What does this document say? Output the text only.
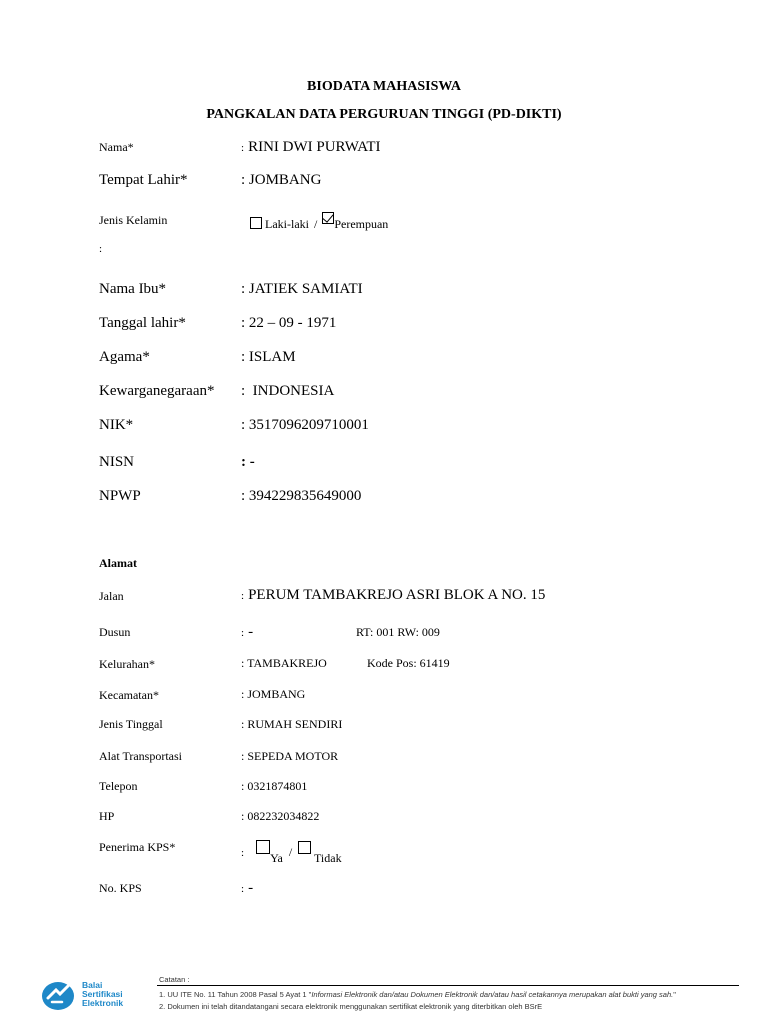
BIODATA MAHASISWA
PANGKALAN DATA PERGURUAN TINGGI (PD-DIKTI)
Nama*	: RINI DWI PURWATI
Tempat Lahir*	: JOMBANG
Jenis Kelamin
:
Laki-laki / Perempuan
Nama Ibu*	: JATIEK SAMIATI
Tanggal lahir*	: 22 – 09 - 1971
Agama*	: ISLAM
Kewarganegaraan* :  INDONESIA
NIK*	: 3517096209710001
NISN	: -
NPWP	: 394229835649000
Alamat
Jalan	: PERUM TAMBAKREJO ASRI BLOK A NO. 15
Dusun	: -	RT: 001 RW: 009
Kelurahan*	: TAMBAKREJO	Kode Pos: 61419
Kecamatan*	: JOMBANG
Jenis Tinggal	: RUMAH SENDIRI
Alat Transportasi	: SEPEDA MOTOR
Telepon	: 0321874801
HP	: 082232034822
Penerima KPS*	: Ya / Tidak
No. KPS	: -
Balai
Sertifikasi
Elektronik
Catatan :
1. UU ITE No. 11 Tahun 2008 Pasal 5 Ayat 1 "Informasi Elektronik dan/atau Dokumen Elektronik dan/atau hasil cetakannya merupakan alat bukti yang sah."
2. Dokumen ini telah ditandatangani secara elektronik menggunakan sertifikat elektronik yang diterbitkan oleh BSrE
